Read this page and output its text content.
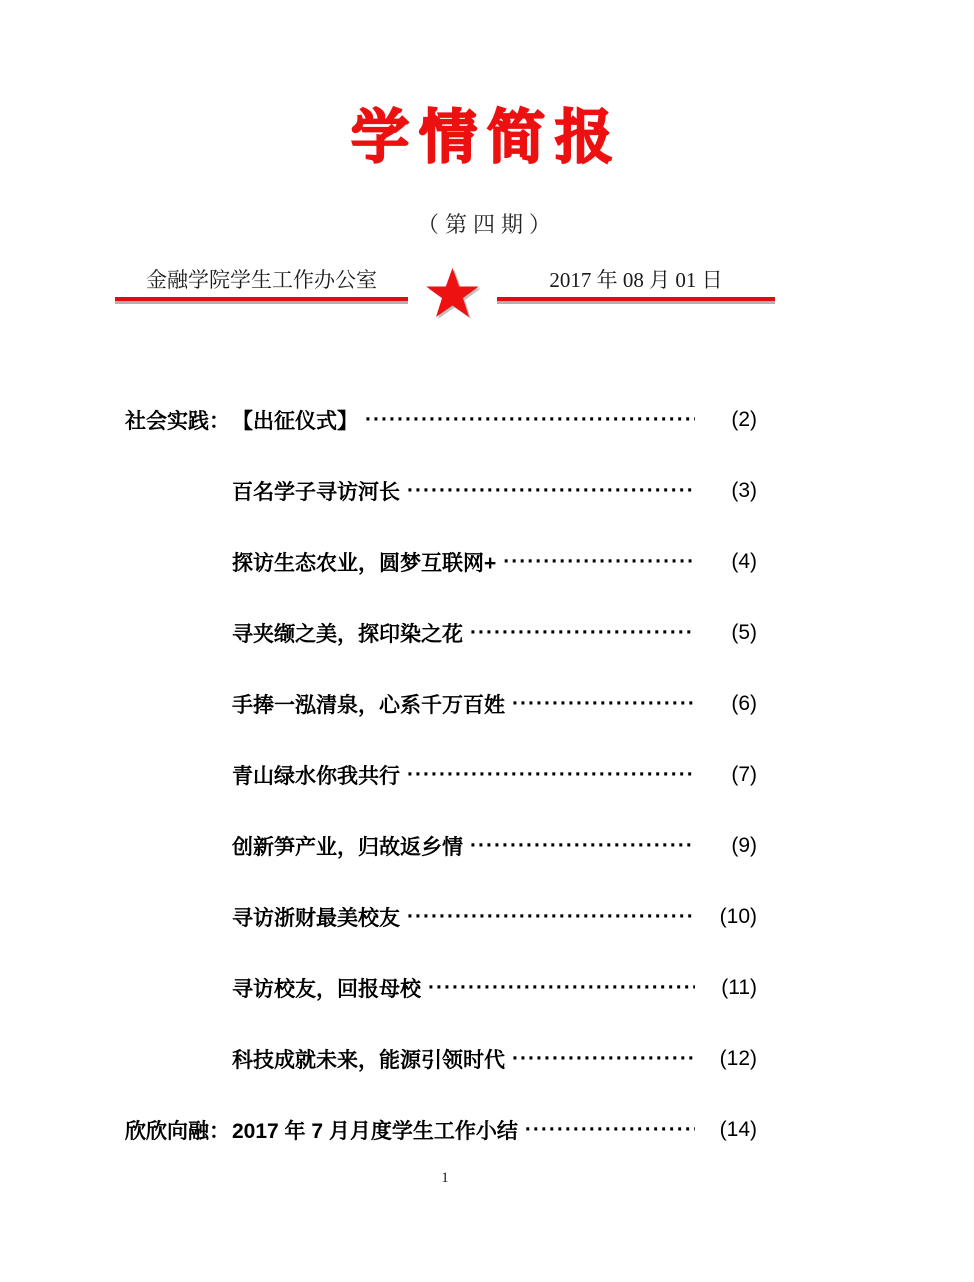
学情简报
（第四期）
金融学院学生工作办公室	2017 年 08 月 01 日
社会实践： 【出征仪式】 ·····	(2)
百名学子寻访河长 ·····	(3)
探访生态农业，圆梦互联网+ ·····	(4)
寻夹缬之美，探印染之花 ·····	(5)
手捧一泓清泉，心系千万百姓 ·····	(6)
青山绿水你我共行 ·····	(7)
创新笋产业，归故返乡情 ·····	(9)
寻访浙财最美校友 ·····	(10)
寻访校友，回报母校 ·····	(11)
科技成就未来，能源引领时代 ·····	(12)
欣欣向融： 2017 年 7 月月度学生工作小结 ·····	(14)
1
